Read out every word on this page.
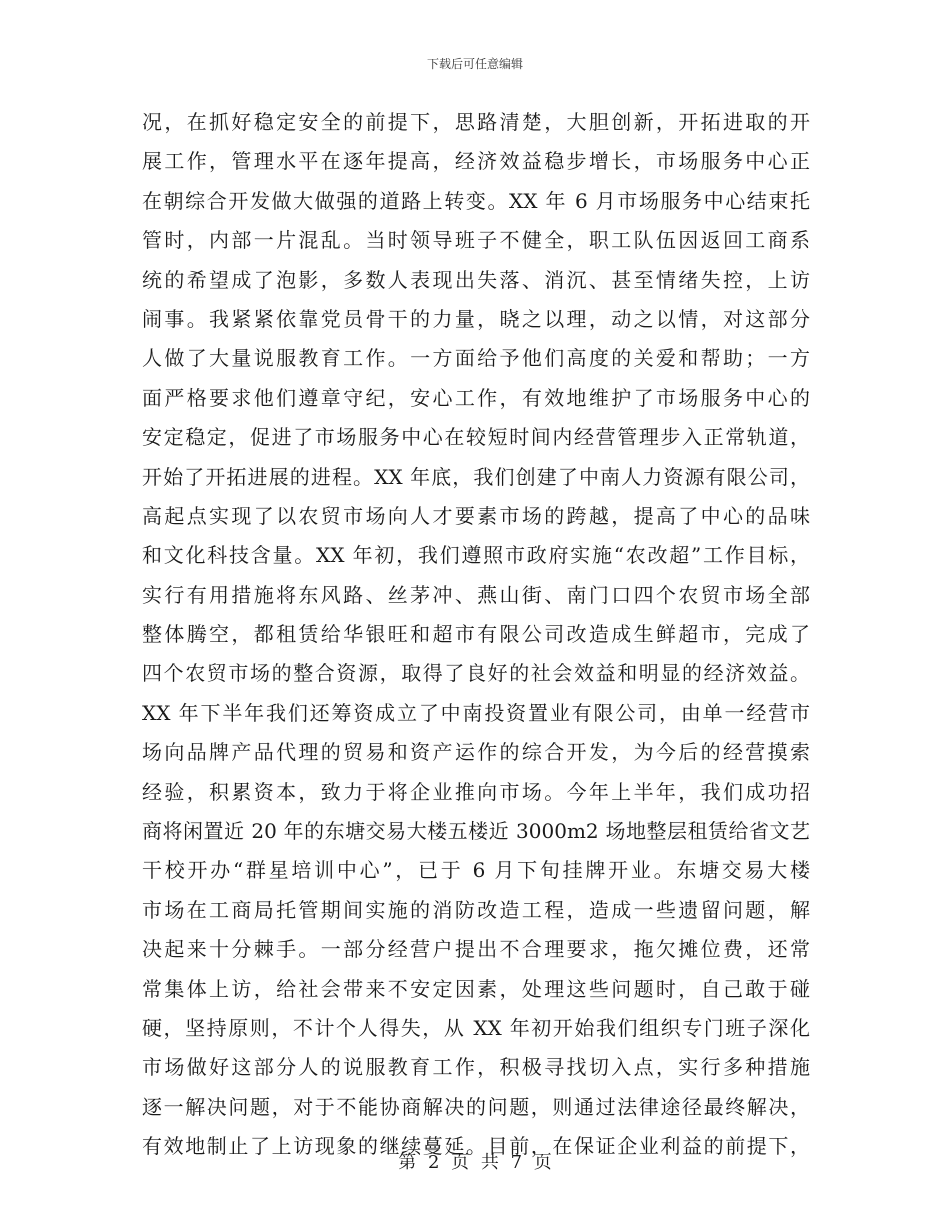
下载后可任意编辑
况，在抓好稳定安全的前提下，思路清楚，大胆创新，开拓进取的开
展工作，管理水平在逐年提高，经济效益稳步增长，市场服务中心正
在朝综合开发做大做强的道路上转变。XX 年 6 月市场服务中心结束托
管时，内部一片混乱。当时领导班子不健全，职工队伍因返回工商系
统的希望成了泡影，多数人表现出失落、消沉、甚至情绪失控，上访
闹事。我紧紧依靠党员骨干的力量，晓之以理，动之以情，对这部分
人做了大量说服教育工作。一方面给予他们高度的关爱和帮助；一方
面严格要求他们遵章守纪，安心工作，有效地维护了市场服务中心的
安定稳定，促进了市场服务中心在较短时间内经营管理步入正常轨道，
开始了开拓进展的进程。XX 年底，我们创建了中南人力资源有限公司，
高起点实现了以农贸市场向人才要素市场的跨越，提高了中心的品味
和文化科技含量。XX 年初，我们遵照市政府实施“农改超”工作目标，
实行有用措施将东风路、丝茅冲、燕山街、南门口四个农贸市场全部
整体腾空，都租赁给华银旺和超市有限公司改造成生鲜超市，完成了
四个农贸市场的整合资源，取得了良好的社会效益和明显的经济效益。
XX 年下半年我们还筹资成立了中南投资置业有限公司，由单一经营市
场向品牌产品代理的贸易和资产运作的综合开发，为今后的经营摸索
经验，积累资本，致力于将企业推向市场。今年上半年，我们成功招
商将闲置近 20 年的东塘交易大楼五楼近 3000m2 场地整层租赁给省文艺
干校开办“群星培训中心”，已于 6 月下旬挂牌开业。东塘交易大楼
市场在工商局托管期间实施的消防改造工程，造成一些遗留问题，解
决起来十分棘手。一部分经营户提出不合理要求，拖欠摊位费，还常
常集体上访，给社会带来不安定因素，处理这些问题时，自己敢于碰
硬，坚持原则，不计个人得失，从 XX 年初开始我们组织专门班子深化
市场做好这部分人的说服教育工作，积极寻找切入点，实行多种措施
逐一解决问题，对于不能协商解决的问题，则通过法律途径最终解决，
有效地制止了上访现象的继续蔓延。目前，在保证企业利益的前提下，
第 2 页 共 7 页
